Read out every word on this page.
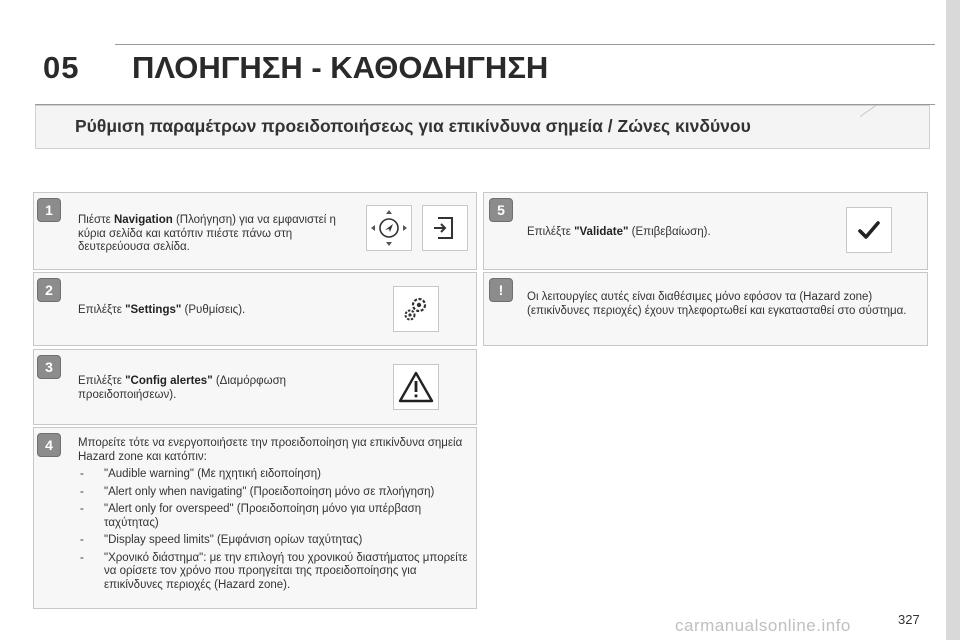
05 ΠΛΟΗΓΗΣΗ - ΚΑΘΟΔΗΓΗΣΗ
Ρύθμιση παραμέτρων προειδοποιήσεως για επικίνδυνα σημεία / Ζώνες κινδύνου
1
Πιέστε Navigation (Πλοήγηση) για να εμφανιστεί η κύρια σελίδα και κατόπιν πιέστε πάνω στη δευτερεύουσα σελίδα.
2
Επιλέξτε "Settings" (Ρυθμίσεις).
3
Επιλέξτε "Config alertes" (Διαμόρφωση προειδοποιήσεων).
4	Μπορείτε τότε να ενεργοποιήσετε την προειδοποίηση για επικίνδυνα σημεία Hazard zone και κατόπιν:
- "Audible warning" (Με ηχητική ειδοποίηση)
- "Alert only when navigating" (Προειδοποίηση μόνο σε πλοήγηση)
- "Alert only for overspeed" (Προειδοποίηση μόνο για υπέρβαση ταχύτητας)
- "Display speed limits" (Εμφάνιση ορίων ταχύτητας)
- "Χρονικό διάστημα": με την επιλογή του χρονικού διαστήματος μπορείτε να ορίσετε τον χρόνο που προηγείται της προειδοποίησης για επικίνδυνες περιοχές (Hazard zone).
5
Επιλέξτε "Validate" (Επιβεβαίωση).
!	Οι λειτουργίες αυτές είναι διαθέσιμες μόνο εφόσον τα (Hazard zone) (επικίνδυνες περιοχές) έχουν τηλεφορτωθεί και εγκατασταθεί στο σύστημα.
carmanualsonline.info	327
